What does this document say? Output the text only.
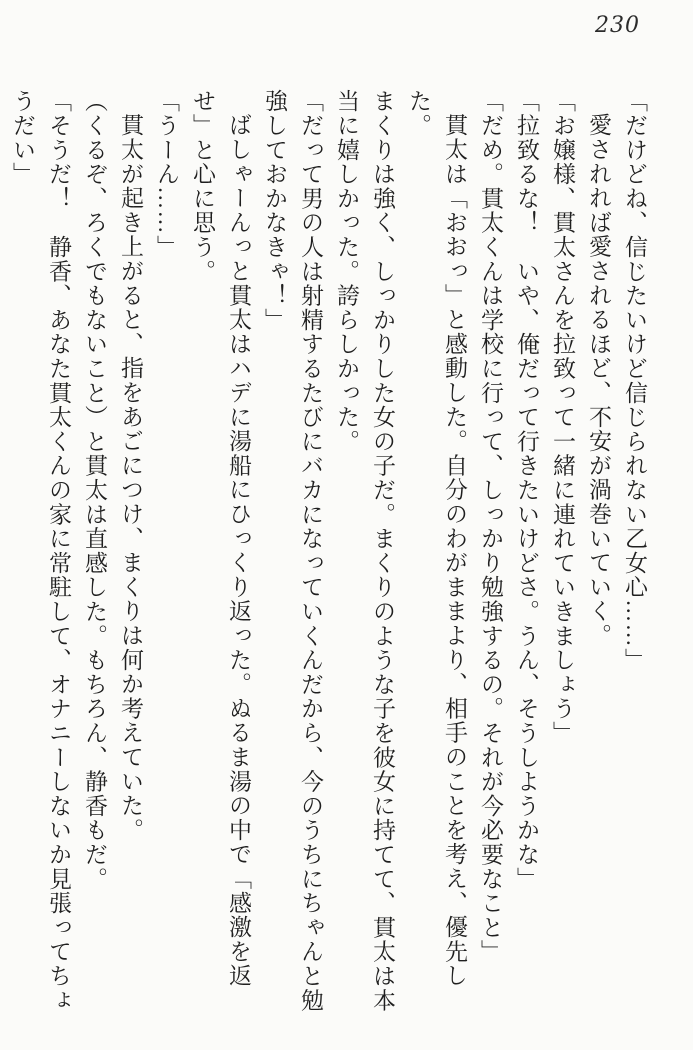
230

「だけどね、信じたいけど信じられない乙女心……」

愛されれば愛されるほど、不安が渦巻いていく。

「お嬢様、貫太さんを拉致って一緒に連れていきましょう」

「拉致るな！　いや、俺だって行きたいけどさ。うん、そうしようかな」

「だめ。貫太くんは学校に行って、しっかり勉強するの。それが今必要なこと」

貫太は「おおっ」と感動した。自分のわがままより、相手のことを考え、優先した。

まくりは強く、しっかりした女の子だ。まくりのような子を彼女に持てて、貫太は本当に嬉しかった。誇らしかった。

「だって男の人は射精するたびにバカになっていくんだから、今のうちにちゃんと勉強しておかなきゃ！」

ばしゃーんっと貫太はハデに湯船にひっくり返った。ぬるま湯の中で「感激を返せ」と心に思う。

「うーん……」

貫太が起き上がると、指をあごにつけ、まくりは何か考えていた。

（くるぞ、ろくでもないこと）と貫太は直感した。もちろん、静香もだ。

「そうだ！　静香、あなた貫太くんの家に常駐して、オナニーしないか見張ってちょうだい」
